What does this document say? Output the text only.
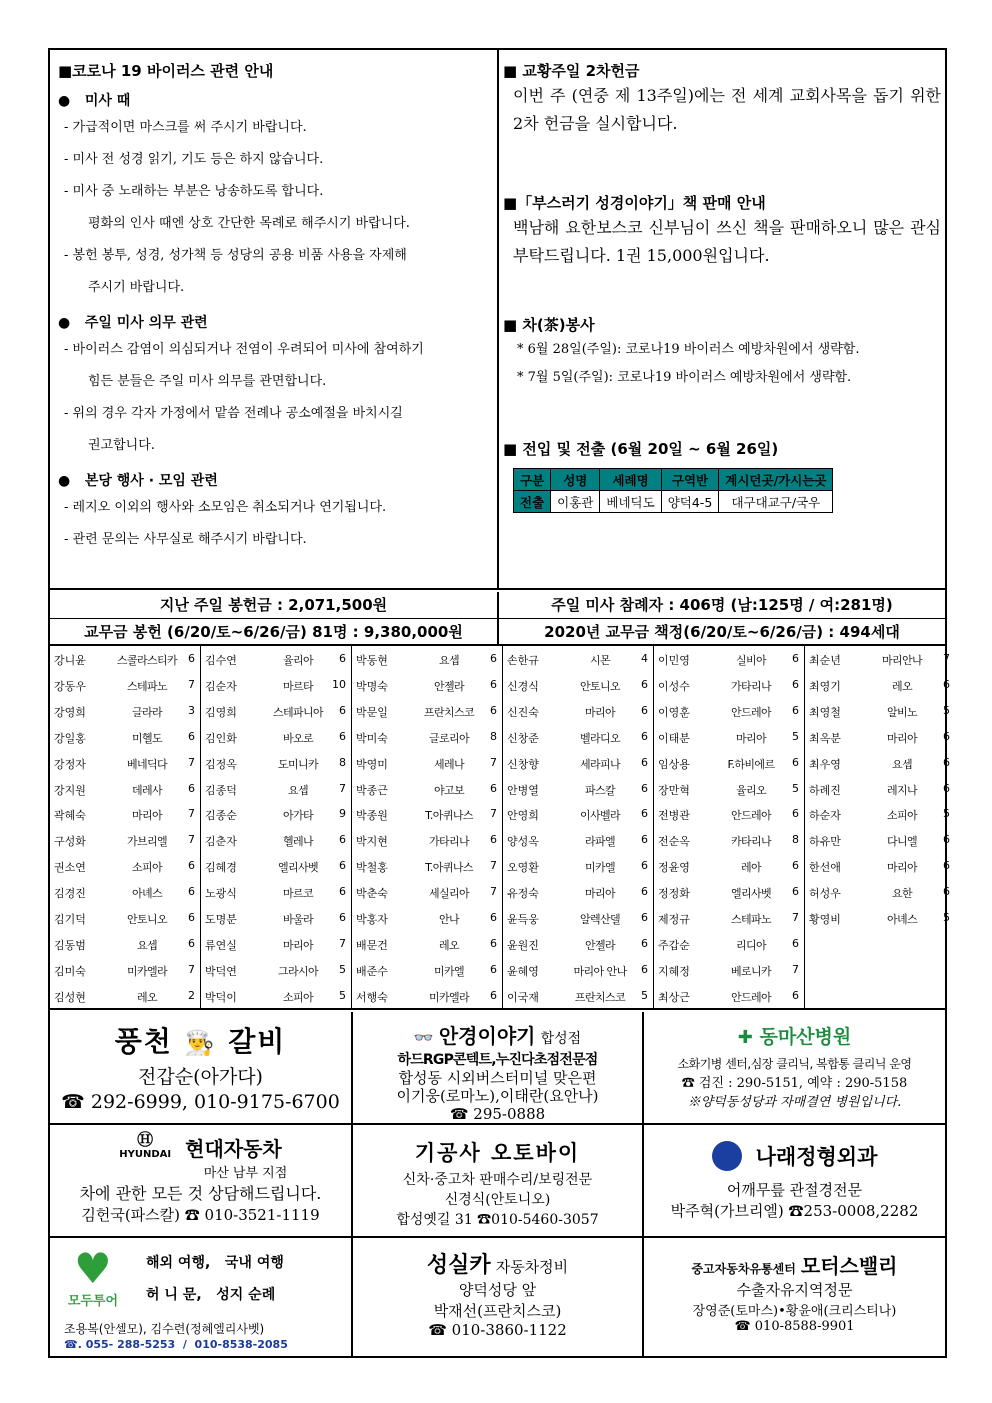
■코로나 19 바이러스 관련 안내
●   미사 때
- 가급적이면 마스크를 써 주시기 바랍니다.
- 미사 전 성경 읽기, 기도 등은 하지 않습니다.
- 미사 중 노래하는 부분은 낭송하도록 합니다.
평화의 인사 때엔 상호 간단한 목례로 해주시기 바랍니다.
- 봉헌 봉투, 성경, 성가책 등 성당의 공용 비품 사용을 자제해
주시기 바랍니다.
●   주일 미사 의무 관련
- 바이러스 감염이 의심되거나 전염이 우려되어 미사에 참여하기
힘든 분들은 주일 미사 의무를 관면합니다.
- 위의 경우 각자 가정에서 맡씀 전례나 공소예절을 바치시길
권고합니다.
●   본당 행사 · 모임 관련
- 레지오 이외의 행사와 소모임은 취소되거나 연기됩니다.
- 관련 문의는 사무실로 해주시기 바랍니다.
■ 교황주일 2차헌금
이번 주 (연중 제 13주일)에는 전 세계 교회사목을 돕기 위한 2차 헌금을 실시합니다.
■「부스러기 성경이야기」책 판매 안내
백남해 요한보스코 신부님이 쓰신 책을 판매하오니 많은 관심 부탁드립니다. 1권 15,000원입니다.
■ 차(茶)봉사
* 6월 28일(주일): 코로나19 바이러스 예방차원에서 생략함.
* 7월 5일(주일): 코로나19 바이러스 예방차원에서 생략함.
■ 전입 및 전출 (6월 20일 ~ 6월 26일)
구분	성명	세례명	구역반	계시던곳/가시는곳
전출	이홍관	베네딕도	양덕4-5	대구대교구/국우
지난 주일 봉헌금 : 2,071,500원	주일 미사 참례자 : 406명 (남:125명 / 여:281명)
교무금 봉헌 (6/20/토~6/26/금) 81명 : 9,380,000원	2020년 교무금 책정(6/20/토~6/26/금) : 494세대
강니윤	스콜라스티카 6
강동우	스테파노	7
강영희	글라라	3
강일홍	미헬도	6
강정자	베네딕다	7
강지원	데레사	6
곽혜숙	마리아	7
구성화	가브리엘	7
권소연	소피아	6
김경진	아녜스	6
김기덕	안토니오	6
김동범	요셉	6
김미숙	미카엘라	7
김성현	레오	2
김수연	율리아	6
김순자	마르타	10
김영희	스테파니아	6
김인화	바오로	6
김정옥	도미니카	8
김종덕	요셉	7
김종순	아가타	9
김춘자	헬레나	6
김혜경	엘리사벳	6
노광식	마르코	6
도명분	바울라	6
류연실	마리아	7
박덕연	그라시아	5
박덕이	소피아	5
박동현	요셉	6
박명숙	안젤라	6
박문일	프란치스코	6
박미숙	글로리아	8
박영미	세레나	7
박종근	야고보	6
박종원	T.아퀴나스	7
박지현	가타리나	6
박철홍	T.아퀴나스	7
박춘숙	세실리아	7
박홍자	안나	6
배문건	레오	6
배준수	미카엘	6
서행숙	미카엘라	6
손한규	시몬	4
신경식	안토니오	6
신진숙	마리아	6
신창준	벨라디오	6
신창향	세라피나	6
안병열	파스칼	6
안영희	이사벨라	6
양성옥	라파엘	6
오영환	미카엘	6
유정숙	마리아	6
윤득웅	알렉산델	6
윤원진	안젤라	6
윤혜영	마리아 안나	6
이국재	프란치스코	5
이민영	실비아	6
이성수	가타리나	6
이영훈	안드레아	6
이태분	마리아	5
임상용	F.하비에르	6
장만혁	율리오	5
전병관	안드레아	6
전순옥	카타리나	8
정윤영	레아	6
정정화	엘리사벳	6
제정규	스테파노	7
주갑순	리디아	6
지혜정	베로니카	7
최상근	안드레아	6
최순년	마리안나	7
최영기	레오	6
최영철	알비노	5
최옥분	마리아	6
최우영	요셉	6
하례진	레지나	6
하순자	소피아	5
하유만	다니엘	6
한선애	마리아	6
허성우	요한	6
황영비	아녜스	5
풍천 👨‍🍳 갈비
전갑순(아가다)
☎ 292-6999, 010-9175-6700
👓 안경이야기 합성점
하드RGP콘텍트,누진다초점전문점
합성동 시외버스터미널 맞은편
이기웅(로마노),이태란(요안나)
☎ 295-0888
✚ 동마산병원
소화기병 센터,심장 클리닉, 복합통 클리닉 운영
☎ 검진 : 290-5151, 예약 : 290-5158
※양덕동성당과 자매결연 병원입니다.
Ⓗ
HYUNDAI 현대자동차
마산 남부 지점
차에 관한 모든 것 상담해드립니다.
김헌국(파스칼) ☎ 010-3521-1119
기공사 오토바이
신차·중고차 판매수리/보링전문
신경식(안토니오)
합성옛길 31 ☎010-5460-3057
나래정형외과
어깨무릎 관절경전문
박주혁(가브리엘) ☎253-0008,2282
♥
모두투어
해외 여행,   국내 여행
허 니 문,   성지 순례
조용복(안셀모), 김수련(정혜엘리사벳)
☎. 055- 288-5253  /  010-8538-2085
성실카 자동차정비
양덕성당 앞
박재선(프란치스코)
☎ 010-3860-1122
중고자동차유통센터 모터스밸리
수출자유지역정문
장영준(토마스)•황윤애(크리스티나)
☎ 010-8588-9901
